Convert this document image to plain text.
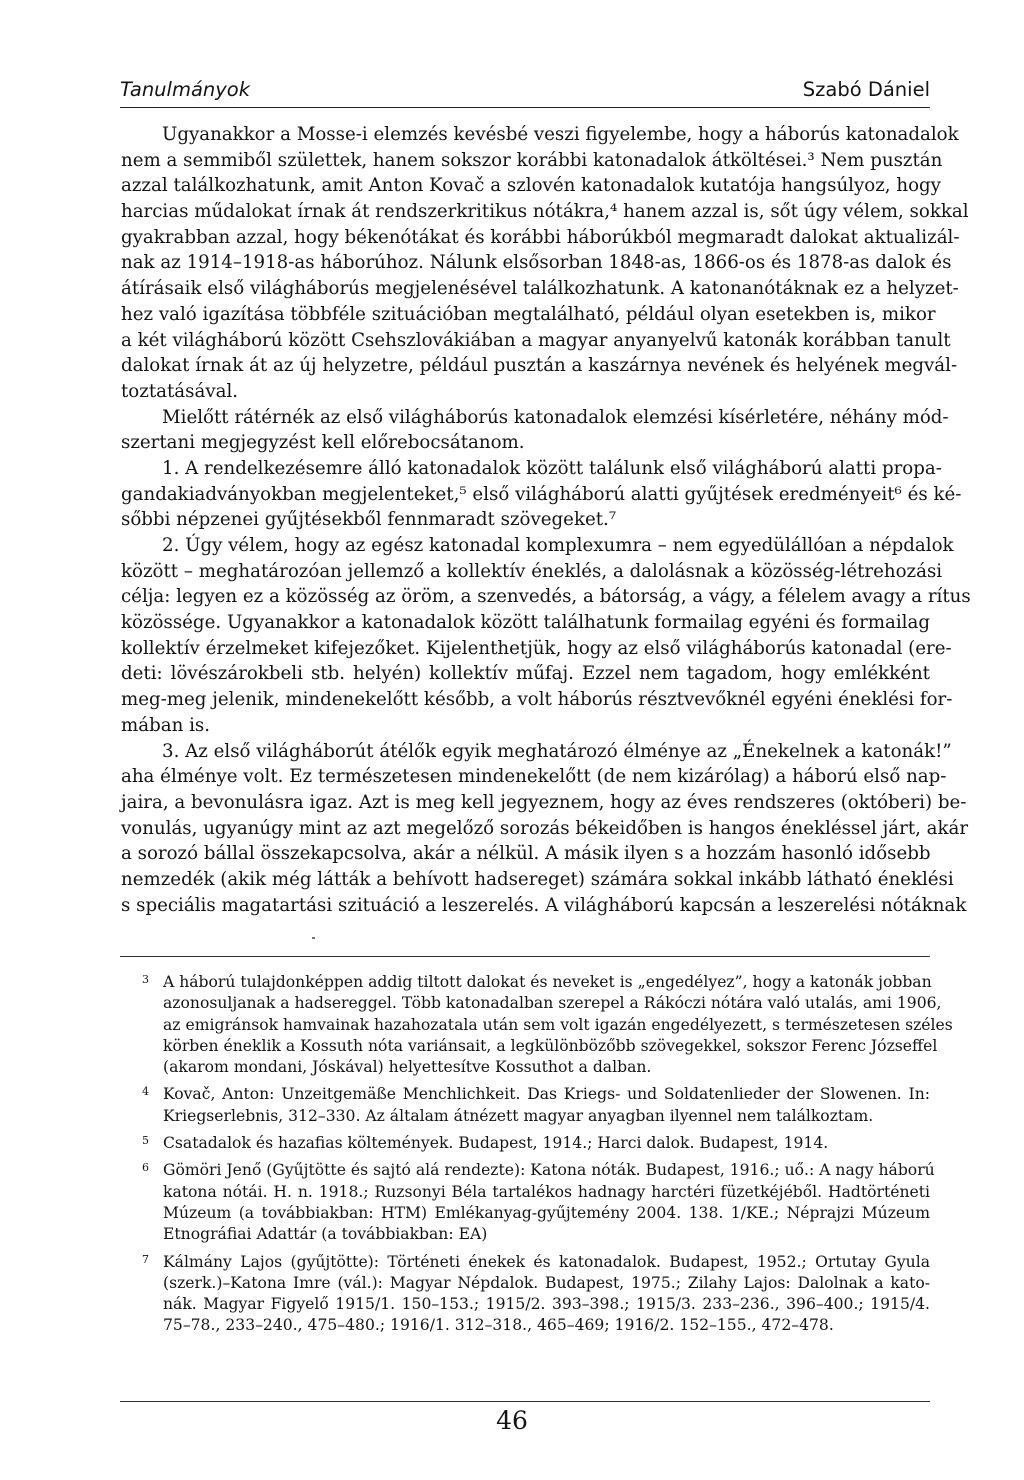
Tanulmányok	Szabó Dániel
Ugyanakkor a Mosse-i elemzés kevésbé veszi figyelembe, hogy a háborús katonadalok
nem a semmiből születtek, hanem sokszor korábbi katonadalok átköltései.³ Nem pusztán
azzal találkozhatunk, amit Anton Kovač a szlovén katonadalok kutatója hangsúlyoz, hogy
harcias műdalokat írnak át rendszerkritikus nótákra,⁴ hanem azzal is, sőt úgy vélem, sokkal
gyakrabban azzal, hogy békenótákat és korábbi háborúkból megmaradt dalokat aktualizál-
nak az 1914–1918-as háborúhoz. Nálunk elsősorban 1848-as, 1866-os és 1878-as dalok és
átírásaik első világháborús megjelenésével találkozhatunk. A katonanótáknak ez a helyzet-
hez való igazítása többféle szituációban megtalálható, például olyan esetekben is, mikor
a két világháború között Csehszlovákiában a magyar anyanyelvű katonák korábban tanult
dalokat írnak át az új helyzetre, például pusztán a kaszárnya nevének és helyének megvál-
toztatásával.
Mielőtt rátérnék az első világháborús katonadalok elemzési kísérletére, néhány mód-
szertani megjegyzést kell előrebocsátanom.
1. A rendelkezésemre álló katonadalok között találunk első világháború alatti propa-
gandakiadványokban megjelenteket,⁵ első világháború alatti gyűjtések eredményeit⁶ és ké-
sőbbi népzenei gyűjtésekből fennmaradt szövegeket.⁷
2. Úgy vélem, hogy az egész katonadal komplexumra – nem egyedülállóan a népdalok
között – meghatározóan jellemző a kollektív éneklés, a dalolásnak a közösség-létrehozási
célja: legyen ez a közösség az öröm, a szenvedés, a bátorság, a vágy, a félelem avagy a rítus
közössége. Ugyanakkor a katonadalok között találhatunk formailag egyéni és formailag
kollektív érzelmeket kifejezőket. Kijelenthetjük, hogy az első világháborús katonadal (ere-
deti: lövészárokbeli stb. helyén) kollektív műfaj. Ezzel nem tagadom, hogy emlékként
meg-meg jelenik, mindenekelőtt később, a volt háborús résztvevőknél egyéni éneklési for-
mában is.
3. Az első világháborút átélők egyik meghatározó élménye az „Énekelnek a katonák!”
aha élménye volt. Ez természetesen mindenekelőtt (de nem kizárólag) a háború első nap-
jaira, a bevonulásra igaz. Azt is meg kell jegyeznem, hogy az éves rendszeres (októberi) be-
vonulás, ugyanúgy mint az azt megelőző sorozás békeidőben is hangos énekléssel járt, akár
a sorozó bállal összekapcsolva, akár a nélkül. A másik ilyen s a hozzám hasonló idősebb
nemzedék (akik még látták a behívott hadsereget) számára sokkal inkább látható éneklési
s speciális magatartási szituáció a leszerelés. A világháború kapcsán a leszerelési nótáknak
3 A háború tulajdonképpen addig tiltott dalokat és neveket is „engedélyez”, hogy a katonák jobban
azonosuljanak a hadsereggel. Több katonadalban szerepel a Rákóczi nótára való utalás, ami 1906,
az emigránsok hamvainak hazahozatala után sem volt igazán engedélyezett, s természetesen széles
körben éneklik a Kossuth nóta variánsait, a legkülönbözőbb szövegekkel, sokszor Ferenc Józseffel
(akarom mondani, Jóskával) helyettesítve Kossuthot a dalban.
4 Kovač, Anton: Unzeitgemäße Menchlichkeit. Das Kriegs- und Soldatenlieder der Slowenen. In:
Kriegserlebnis, 312–330. Az általam átnézett magyar anyagban ilyennel nem találkoztam.
5 Csatadalok és hazafias költemények. Budapest, 1914.; Harci dalok. Budapest, 1914.
6 Gömöri Jenő (Gyűjtötte és sajtó alá rendezte): Katona nóták. Budapest, 1916.; uő.: A nagy háború
katona nótái. H. n. 1918.; Ruzsonyi Béla tartalékos hadnagy harctéri füzetkéjéből. Hadtörténeti
Múzeum (a továbbiakban: HTM) Emlékanyag-gyűjtemény 2004. 138. 1/KE.; Néprajzi Múzeum
Etnográfiai Adattár (a továbbiakban: EA)
7 Kálmány Lajos (gyűjtötte): Történeti énekek és katonadalok. Budapest, 1952.; Ortutay Gyula
(szerk.)–Katona Imre (vál.): Magyar Népdalok. Budapest, 1975.; Zilahy Lajos: Dalolnak a kato-
nák. Magyar Figyelő 1915/1. 150–153.; 1915/2. 393–398.; 1915/3. 233–236., 396–400.; 1915/4.
75–78., 233–240., 475–480.; 1916/1. 312–318., 465–469; 1916/2. 152–155., 472–478.
46
